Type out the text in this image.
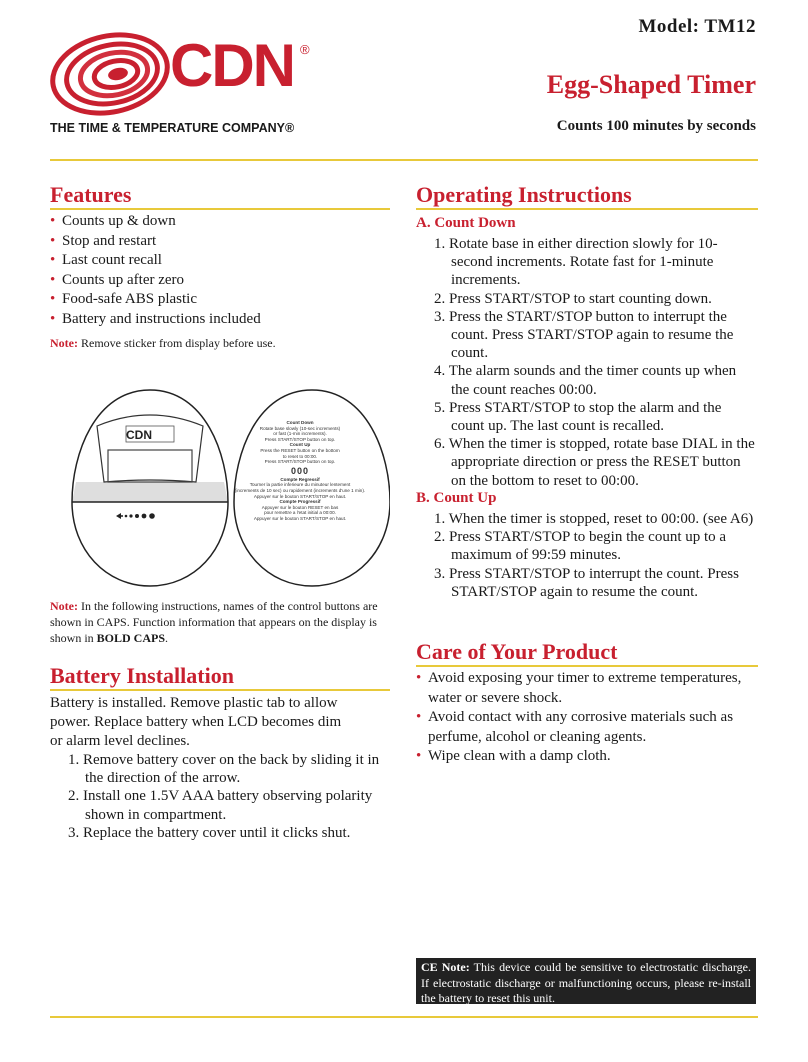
Model: TM12
CDN ®
THE TIME & TEMPERATURE COMPANY®
Egg-Shaped Timer
Counts 100 minutes by seconds
Features
• Counts up & down
• Stop and restart
• Last count recall
• Counts up after zero
• Food-safe ABS plastic
• Battery and instructions included
Note: Remove sticker from display before use.
Count Down
Rotate base slowly (10-sec increments)
or fast (1-min increments).
Press START/STOP button on top.
Count Up
Press the RESET button on the bottom
to reset to 00:00.
Press START/STOP button on top.
000
Compte Regressif
Tourner la partie inferieure du minuteur lentement
(increments de 10 sec) ou rapidement (increments d'une 1 min).
Appuyer sur le bouton START/STOP en haut.
Compte Progressif
Appuyer sur le bouton RESET en bas
pour remettre a l'etat initial a 00:00.
Appuyer sur le bouton START/STOP en haut.
CDN
Note: In the following instructions, names of the control buttons are shown in CAPS. Function information that appears on the display is shown in BOLD CAPS.
Battery Installation
Battery is installed. Remove plastic tab to allow power. Replace battery when LCD becomes dim or alarm level declines.
1. Remove battery cover on the back by sliding it in the direction of the arrow.
2. Install one 1.5V AAA battery observing polarity shown in compartment.
3. Replace the battery cover until it clicks shut.
Operating Instructions
A. Count Down
1. Rotate base in either direction slowly for 10-second increments. Rotate fast for 1-minute increments.
2. Press START/STOP to start counting down.
3. Press the START/STOP button to interrupt the count. Press START/STOP again to resume the count.
4. The alarm sounds and the timer counts up when the count reaches 00:00.
5. Press START/STOP to stop the alarm and the count up. The last count is recalled.
6. When the timer is stopped, rotate base DIAL in the appropriate direction or press the RESET button on the bottom to reset to 00:00.
B. Count Up
1. When the timer is stopped, reset to 00:00. (see A6)
2. Press START/STOP to begin the count up to a maximum of 99:59 minutes.
3. Press START/STOP to interrupt the count. Press START/STOP again to resume the count.
Care of Your Product
• Avoid exposing your timer to extreme temperatures, water or severe shock.
• Avoid contact with any corrosive materials such as perfume, alcohol or cleaning agents.
• Wipe clean with a damp cloth.
CE Note: This device could be sensitive to electrostatic discharge. If electrostatic discharge or malfunctioning occurs, please re-install the battery to reset this unit.
